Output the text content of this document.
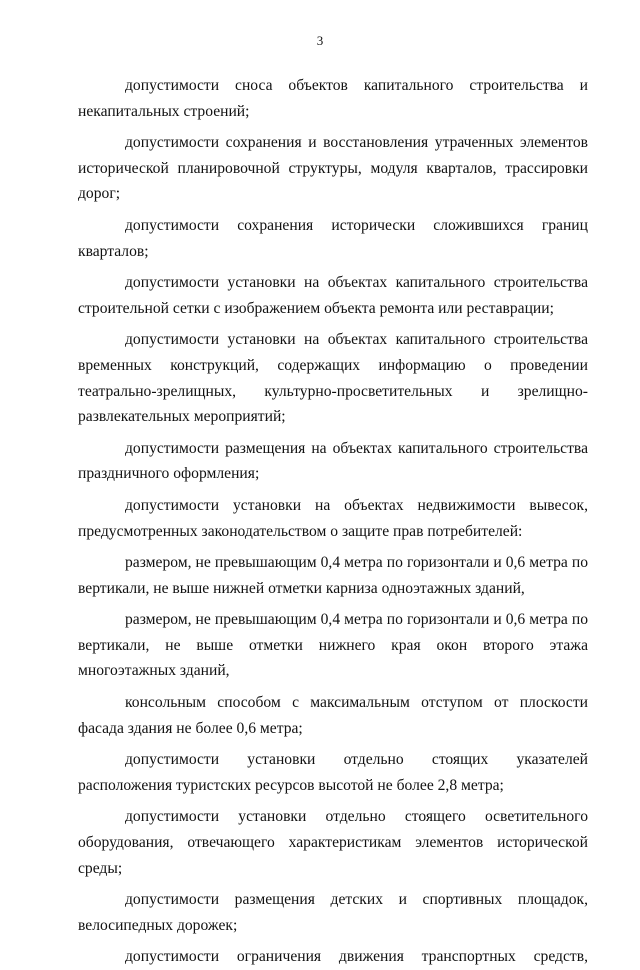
3

допустимости сноса объектов капитального строительства и некапитальных строений;

допустимости сохранения и восстановления утраченных элементов исторической планировочной структуры, модуля кварталов, трассировки дорог;

допустимости сохранения исторически сложившихся границ кварталов;

допустимости установки на объектах капитального строительства строительной сетки с изображением объекта ремонта или реставрации;

допустимости установки на объектах капитального строительства временных конструкций, содержащих информацию о проведении театрально-зрелищных, культурно-просветительных и зрелищно-развлекательных мероприятий;

допустимости размещения на объектах капитального строительства праздничного оформления;

допустимости установки на объектах недвижимости вывесок, предусмотренных законодательством о защите прав потребителей:

размером, не превышающим 0,4 метра по горизонтали и 0,6 метра по вертикали, не выше нижней отметки карниза одноэтажных зданий,

размером, не превышающим 0,4 метра по горизонтали и 0,6 метра по вертикали, не выше отметки нижнего края окон второго этажа многоэтажных зданий,

консольным способом с максимальным отступом от плоскости фасада здания не более 0,6 метра;

допустимости установки отдельно стоящих указателей расположения туристских ресурсов высотой не более 2,8 метра;

допустимости установки отдельно стоящего осветительного оборудования, отвечающего характеристикам элементов исторической среды;

допустимости размещения детских и спортивных площадок, велосипедных дорожек;

допустимости ограничения движения транспортных средств,
